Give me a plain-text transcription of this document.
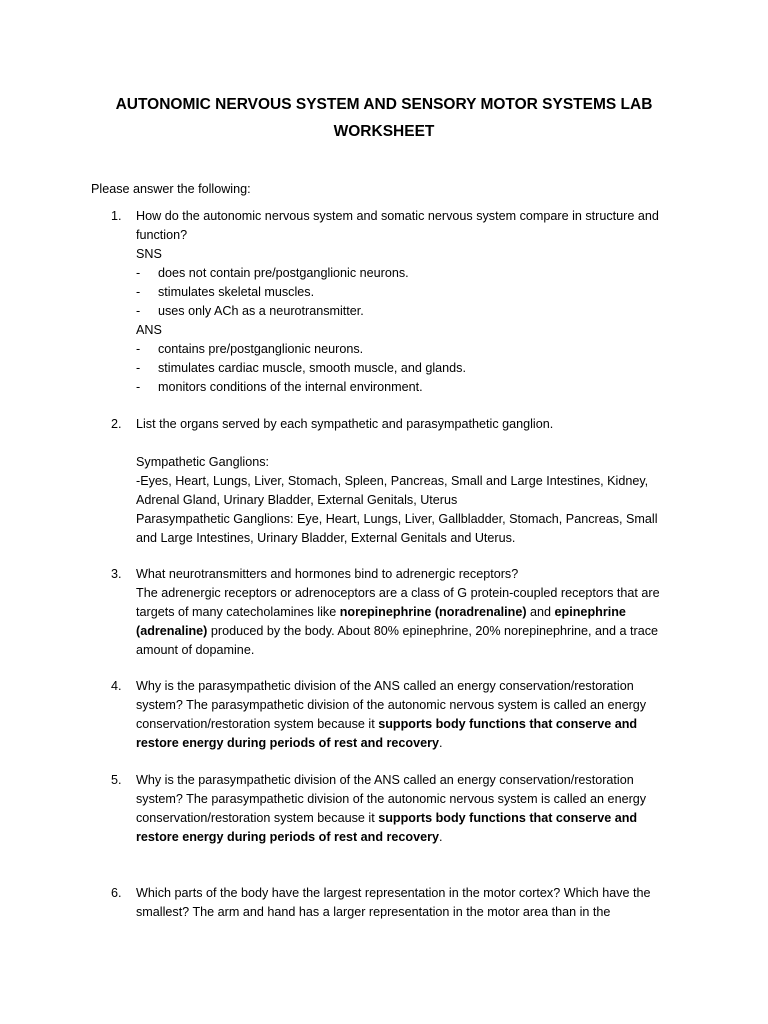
AUTONOMIC NERVOUS SYSTEM AND SENSORY MOTOR SYSTEMS LAB WORKSHEET
Please answer the following:
1.	How do the autonomic nervous system and somatic nervous system compare in structure and function?
SNS
- does not contain pre/postganglionic neurons.
- stimulates skeletal muscles.
- uses only ACh as a neurotransmitter.
ANS
- contains pre/postganglionic neurons.
- stimulates cardiac muscle, smooth muscle, and glands.
- monitors conditions of the internal environment.
2.	List the organs served by each sympathetic and parasympathetic ganglion.
Sympathetic Ganglions:
-Eyes, Heart, Lungs, Liver, Stomach, Spleen, Pancreas, Small and Large Intestines, Kidney, Adrenal Gland, Urinary Bladder, External Genitals, Uterus
Parasympathetic Ganglions: Eye, Heart, Lungs, Liver, Gallbladder, Stomach, Pancreas, Small and Large Intestines, Urinary Bladder, External Genitals and Uterus.
3.	What neurotransmitters and hormones bind to adrenergic receptors?
The adrenergic receptors or adrenoceptors are a class of G protein-coupled receptors that are targets of many catecholamines like norepinephrine (noradrenaline) and epinephrine (adrenaline) produced by the body. About 80% epinephrine, 20% norepinephrine, and a trace amount of dopamine.
4.	Why is the parasympathetic division of the ANS called an energy conservation/restoration system? The parasympathetic division of the autonomic nervous system is called an energy conservation/restoration system because it supports body functions that conserve and restore energy during periods of rest and recovery.
5.	Why is the parasympathetic division of the ANS called an energy conservation/restoration system? The parasympathetic division of the autonomic nervous system is called an energy conservation/restoration system because it supports body functions that conserve and restore energy during periods of rest and recovery.
6.	Which parts of the body have the largest representation in the motor cortex? Which have the smallest? The arm and hand has a larger representation in the motor area than in the
